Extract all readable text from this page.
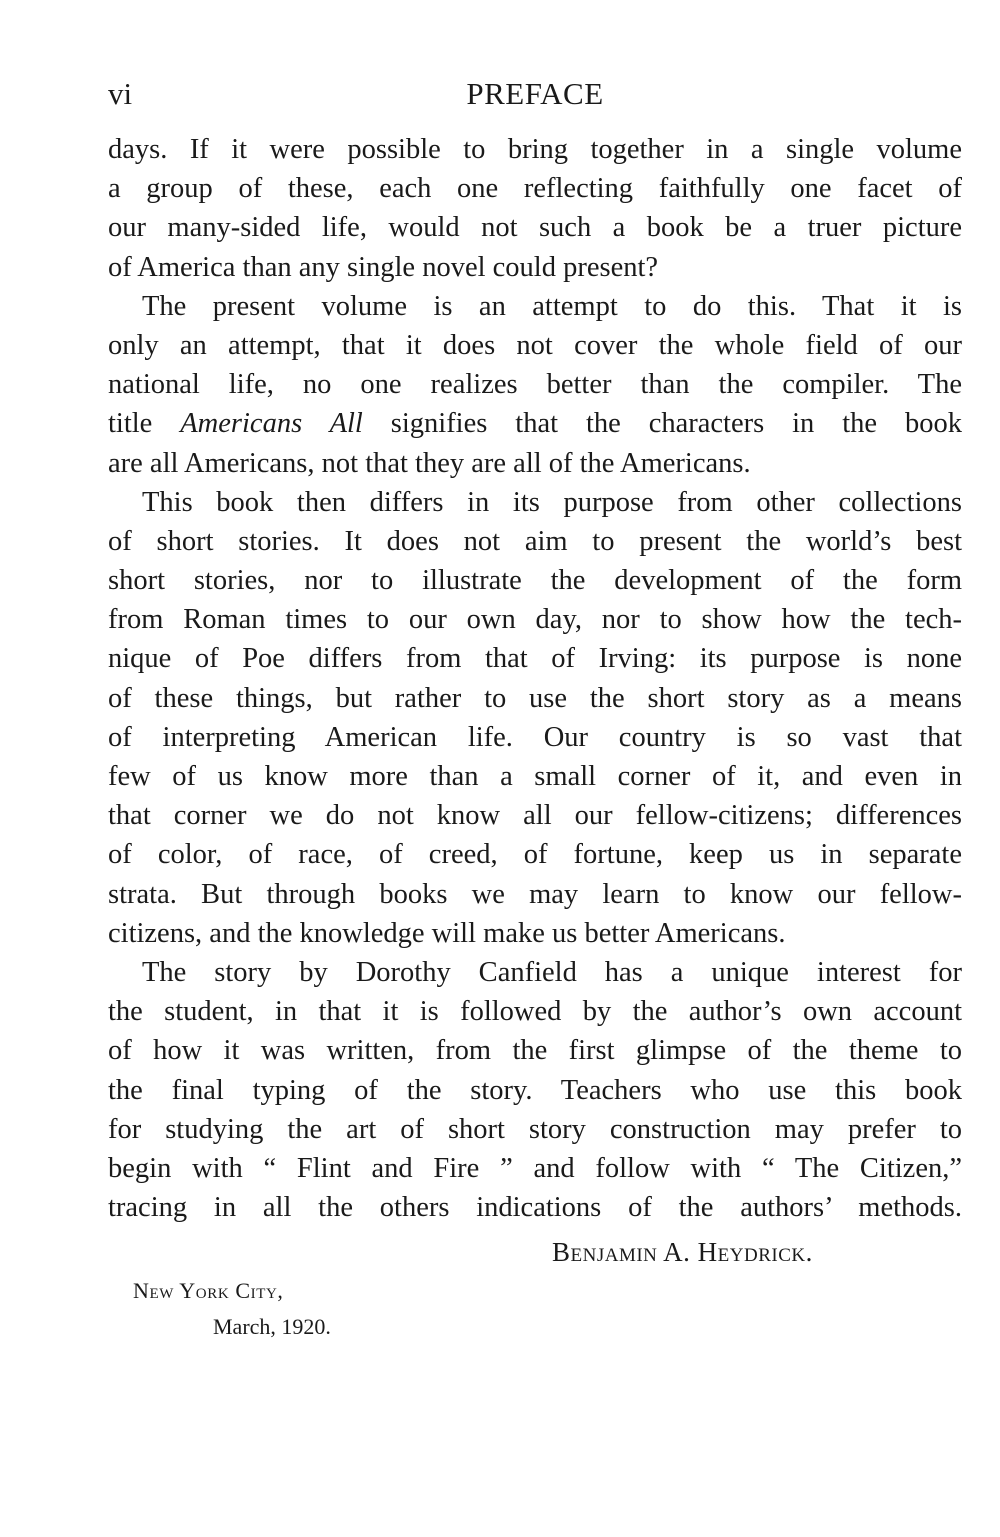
vi	PREFACE
days. If it were possible to bring together in a single volume
a group of these, each one reflecting faithfully one facet of
our many-sided life, would not such a book be a truer picture
of America than any single novel could present?
The present volume is an attempt to do this. That it is
only an attempt, that it does not cover the whole field of our
national life, no one realizes better than the compiler. The
title Americans All signifies that the characters in the book
are all Americans, not that they are all of the Americans.
This book then differs in its purpose from other collections
of short stories. It does not aim to present the world’s best
short stories, nor to illustrate the development of the form
from Roman times to our own day, nor to show how the tech-
nique of Poe differs from that of Irving: its purpose is none
of these things, but rather to use the short story as a means
of interpreting American life. Our country is so vast that
few of us know more than a small corner of it, and even in
that corner we do not know all our fellow-citizens; differences
of color, of race, of creed, of fortune, keep us in separate
strata. But through books we may learn to know our fellow-
citizens, and the knowledge will make us better Americans.
The story by Dorothy Canfield has a unique interest for
the student, in that it is followed by the author’s own account
of how it was written, from the first glimpse of the theme to
the final typing of the story. Teachers who use this book
for studying the art of short story construction may prefer to
begin with “ Flint and Fire ” and follow with “ The Citizen,”
tracing in all the others indications of the authors’ methods.
Benjamin A. Heydrick.
New York City,
March, 1920.
